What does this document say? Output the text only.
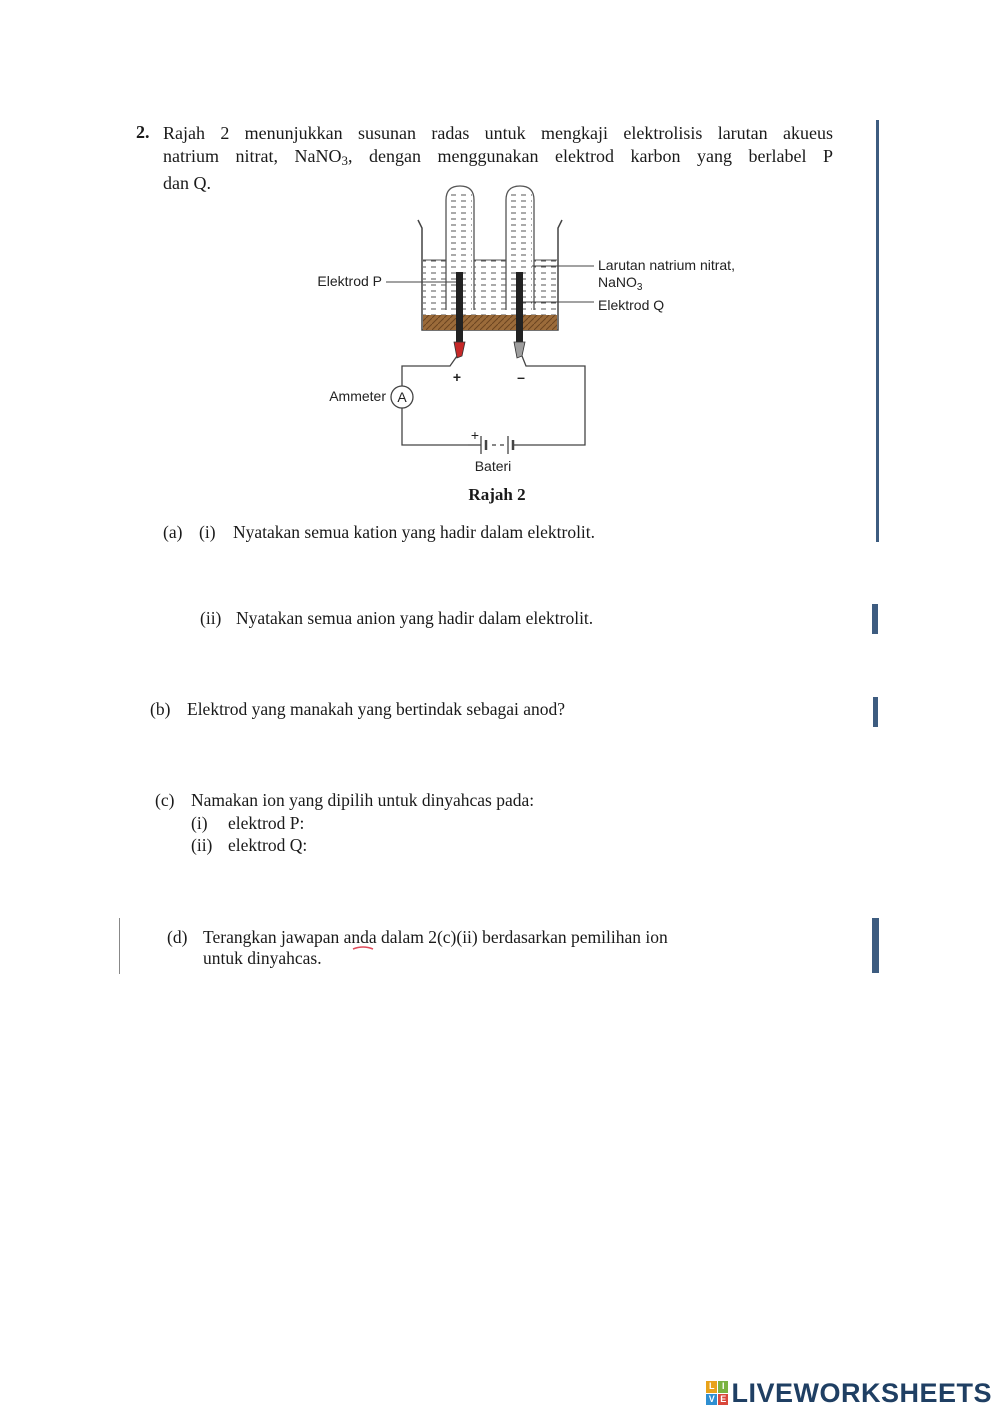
2. Rajah 2 menunjukkan susunan radas untuk mengkaji elektrolisis larutan akueus
natrium nitrat, NaNO$_3$, dengan menggunakan elektrod karbon yang berlabel P
dan Q.
A
Ammeter
+
Bateri
+	–
Elektrod P
Larutan natrium nitrat,
NaNO$_3$
Elektrod Q
Rajah 2
(a) (i) Nyatakan semua kation yang hadir dalam elektrolit.
(ii) Nyatakan semua anion yang hadir dalam elektrolit.
(b) Elektrod yang manakah yang bertindak sebagai anod?
(c) Namakan ion yang dipilih untuk dinyahcas pada:
(i) elektrod P:
(ii) elektrod Q:
(d) Terangkan jawapan anda dalam 2(c)(ii) berdasarkan pemilihan ion
untuk dinyahcas.
L I
V E LIVEWORKSHEETS
